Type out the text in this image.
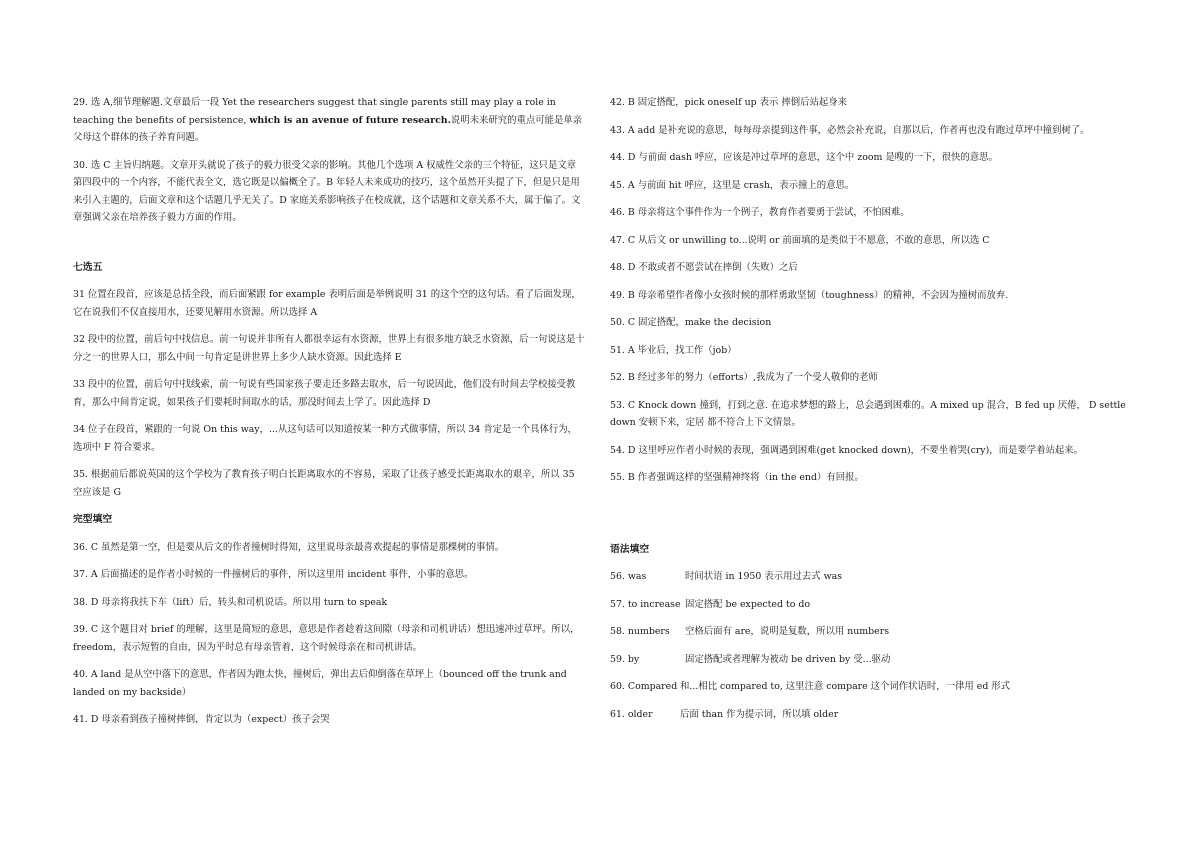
29. 选 A,细节理解题.文章最后一段 Yet the researchers suggest that single parents still may play a role in teaching the benefits of persistence, which is an avenue of future research.说明未来研究的重点可能是单亲父母这个群体的孩子养育问题。

30. 选 C 主旨归纳题。文章开头就说了孩子的毅力很受父亲的影响。其他几个选项 A 权威性父亲的三个特征，这只是文章第四段中的一个内容，不能代表全文，选它既是以偏概全了。B 年轻人未来成功的技巧，这个虽然开头提了下，但是只是用来引入主题的，后面文章和这个话题几乎无关了。D 家庭关系影响孩子在校成就，这个话题和文章关系不大，属于偏了。文章强调父亲在培养孩子毅力方面的作用。

七选五

31 位置在段首，应该是总括全段，而后面紧跟 for example 表明后面是举例说明 31 的这个空的这句话。看了后面发现，它在说我们不仅直接用水，还要见解用水资源。所以选择 A

32 段中的位置，前后句中找信息。前一句说并非所有人都很幸运有水资源，世界上有很多地方缺乏水资源，后一句说这是十分之一的世界人口，那么中间一句肯定是讲世界上多少人缺水资源。因此选择 E

33 段中的位置，前后句中找线索，前一句说有些国家孩子要走还多路去取水，后一句说因此，他们没有时间去学校接受教育，那么中间肯定说，如果孩子们要耗时间取水的话，那没时间去上学了。因此选择 D

34 位子在段首，紧跟的一句说 On this way，...从这句话可以知道按某一种方式做事情，所以 34 肯定是一个具体行为，选项中 F 符合要求。

35. 根据前后都说英国的这个学校为了教育孩子明白长距离取水的不容易，采取了让孩子感受长距离取水的艰辛，所以 35 空应该是 G

完型填空

36. C 虽然是第一空，但是要从后文的作者撞树时得知，这里说母亲最喜欢提起的事情是那棵树的事情。

37. A 后面描述的是作者小时候的一件撞树后的事件，所以这里用 incident 事件，小事的意思。

38. D 母亲将我扶下车（lift）后，转头和司机说话。所以用 turn to speak

39. C 这个题目对 brief 的理解，这里是简短的意思，意思是作者趁着这间隙（母亲和司机讲话）想迅速冲过草坪。所以，freedom，表示短暂的自由，因为平时总有母亲管着，这个时候母亲在和司机讲话。

40. A land 是从空中落下的意思，作者因为跑太快，撞树后，弹出去后仰倒落在草坪上（bounced off the trunk and landed on my backside）

41. D 母亲看到孩子撞树摔倒，肯定以为（expect）孩子会哭

42. B 固定搭配，pick oneself up 表示 摔倒后站起身来

43. A add 是补充说的意思，每每母亲提到这件事，必然会补充说，自那以后，作者再也没有跑过草坪中撞到树了。

44. D 与前面 dash 呼应，应该是冲过草坪的意思，这个中 zoom 是嗖的一下，很快的意思。

45. A 与前面 hit 呼应，这里是 crash，表示撞上的意思。

46. B 母亲将这个事件作为一个例子，教育作者要勇于尝试，不怕困难。

47. C 从后文 or unwilling to...说明 or 前面填的是类似于不愿意，不敢的意思，所以选 C

48. D 不敢或者不愿尝试在摔倒（失败）之后

49. B 母亲希望作者像小女孩时候的那样勇敢坚韧（toughness）的精神，不会因为撞树而放弃.

50. C 固定搭配，make the decision

51. A 毕业后，找工作（job）

52. B 经过多年的努力（efforts）,我成为了一个受人敬仰的老师

53. C Knock down 撞到，打到之意. 在追求梦想的路上，总会遇到困难的。A mixed up 混合，B fed up 厌倦， D settle down 安顿下来，定居 都不符合上下文情景。

54. D 这里呼应作者小时候的表现，强调遇到困难(get knocked down)，不要坐着哭(cry)，而是要学着站起来。

55. B 作者强调这样的坚强精神终将（in the end）有回报。

语法填空

56. was	时间状语 in 1950 表示用过去式 was

57. to increase 固定搭配 be expected to do

58. numbers 空格后面有 are，说明是复数，所以用 numbers

59. by	固定搭配或者理解为被动 be driven by 受...驱动

60. Compared 和...相比 compared to, 这里注意 compare 这个词作状语时，一律用 ed 形式

61. older	后面 than 作为提示词，所以填 older
